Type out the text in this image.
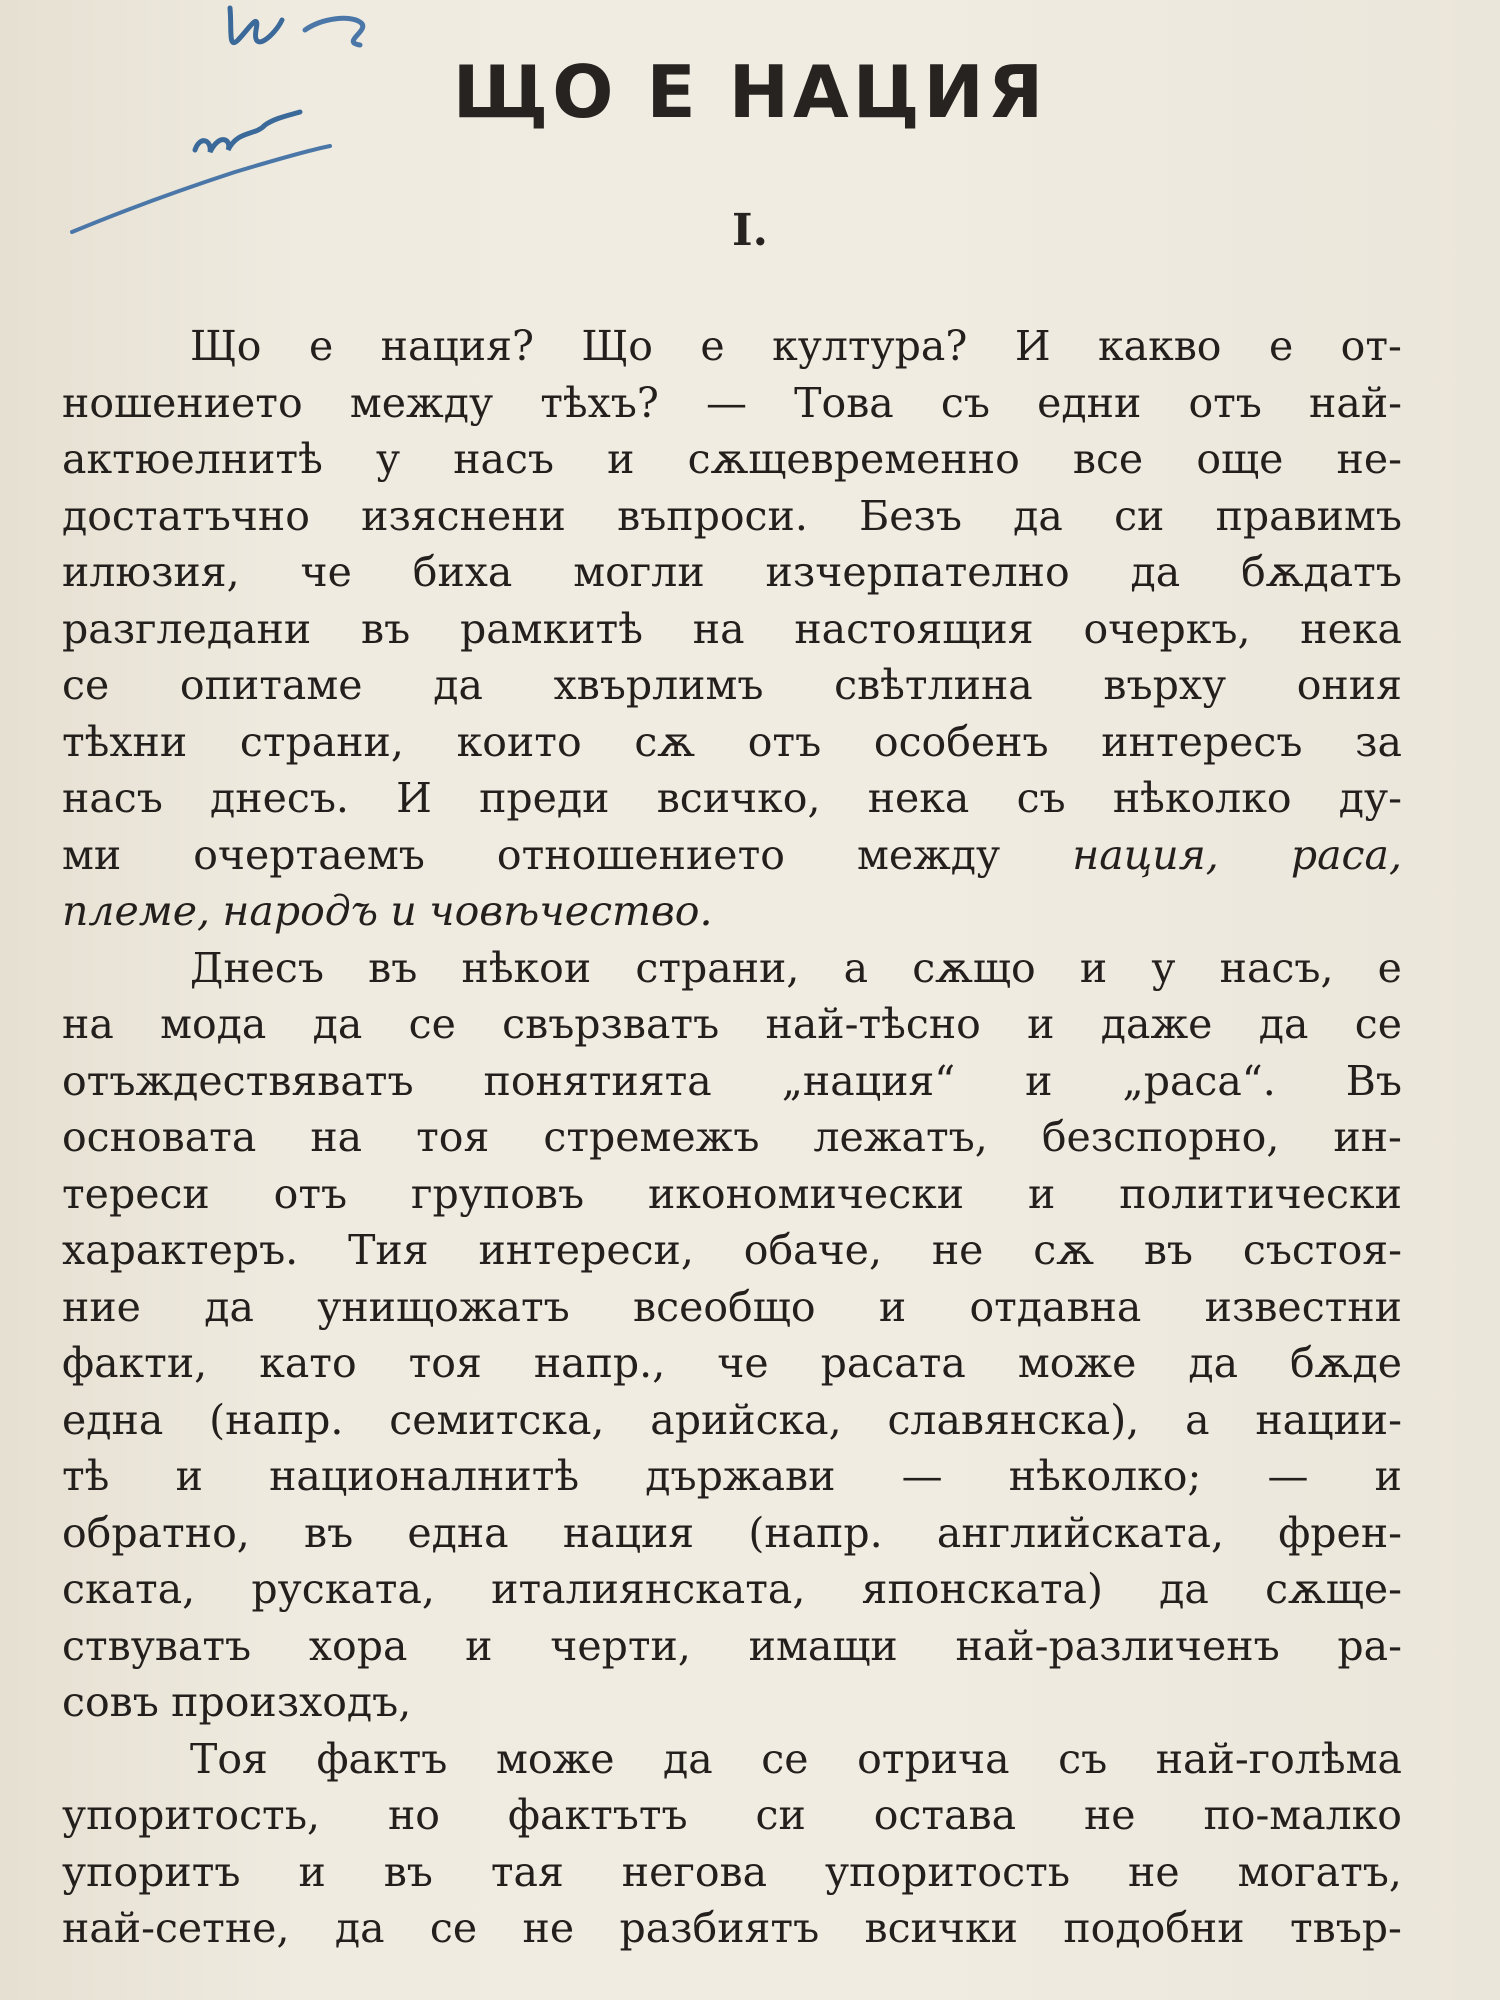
ЩО Е НАЦИЯ
I.
Що е нация? Що е култура? И какво е от-
ношението между тѣхъ? — Това съ едни отъ най-
актюелнитѣ у насъ и сѫщевременно все още не-
достатъчно изяснени въпроси. Безъ да си правимъ
илюзия, че биха могли изчерпателно да бѫдатъ
разгледани въ рамкитѣ на настоящия очеркъ, нека
се опитаме да хвърлимъ свѣтлина върху ония
тѣхни страни, които сѫ отъ особенъ интересъ за
насъ днесъ. И преди всичко, нека съ нѣколко ду-
ми очертаемъ отношението между нация, раса,
племе, народъ и човѣчество.
Днесъ въ нѣкои страни, а сѫщо и у насъ, е
на мода да се свързватъ най-тѣсно и даже да се
отъждествяватъ понятията „нация“ и „раса“. Въ
основата на тоя стремежъ лежатъ, безспорно, ин-
тереси отъ груповъ икономически и политически
характеръ. Тия интереси, обаче, не сѫ въ състоя-
ние да унищожатъ всеобщо и отдавна известни
факти, като тоя напр., че расата може да бѫде
една (напр. семитска, арийска, славянска), а нации-
тѣ и националнитѣ държави — нѣколко; — и
обратно, въ една нация (напр. английската, френ-
ската, руската, италиянската, японската) да сѫще-
ствуватъ хора и черти, имащи най-различенъ ра-
совъ произходъ,
Тоя фактъ може да се отрича съ най-голѣма
упоритость, но фактътъ си остава не по-малко
упоритъ и въ тая негова упоритость не могатъ,
най-сетне, да се не разбиятъ всички подобни твър-
